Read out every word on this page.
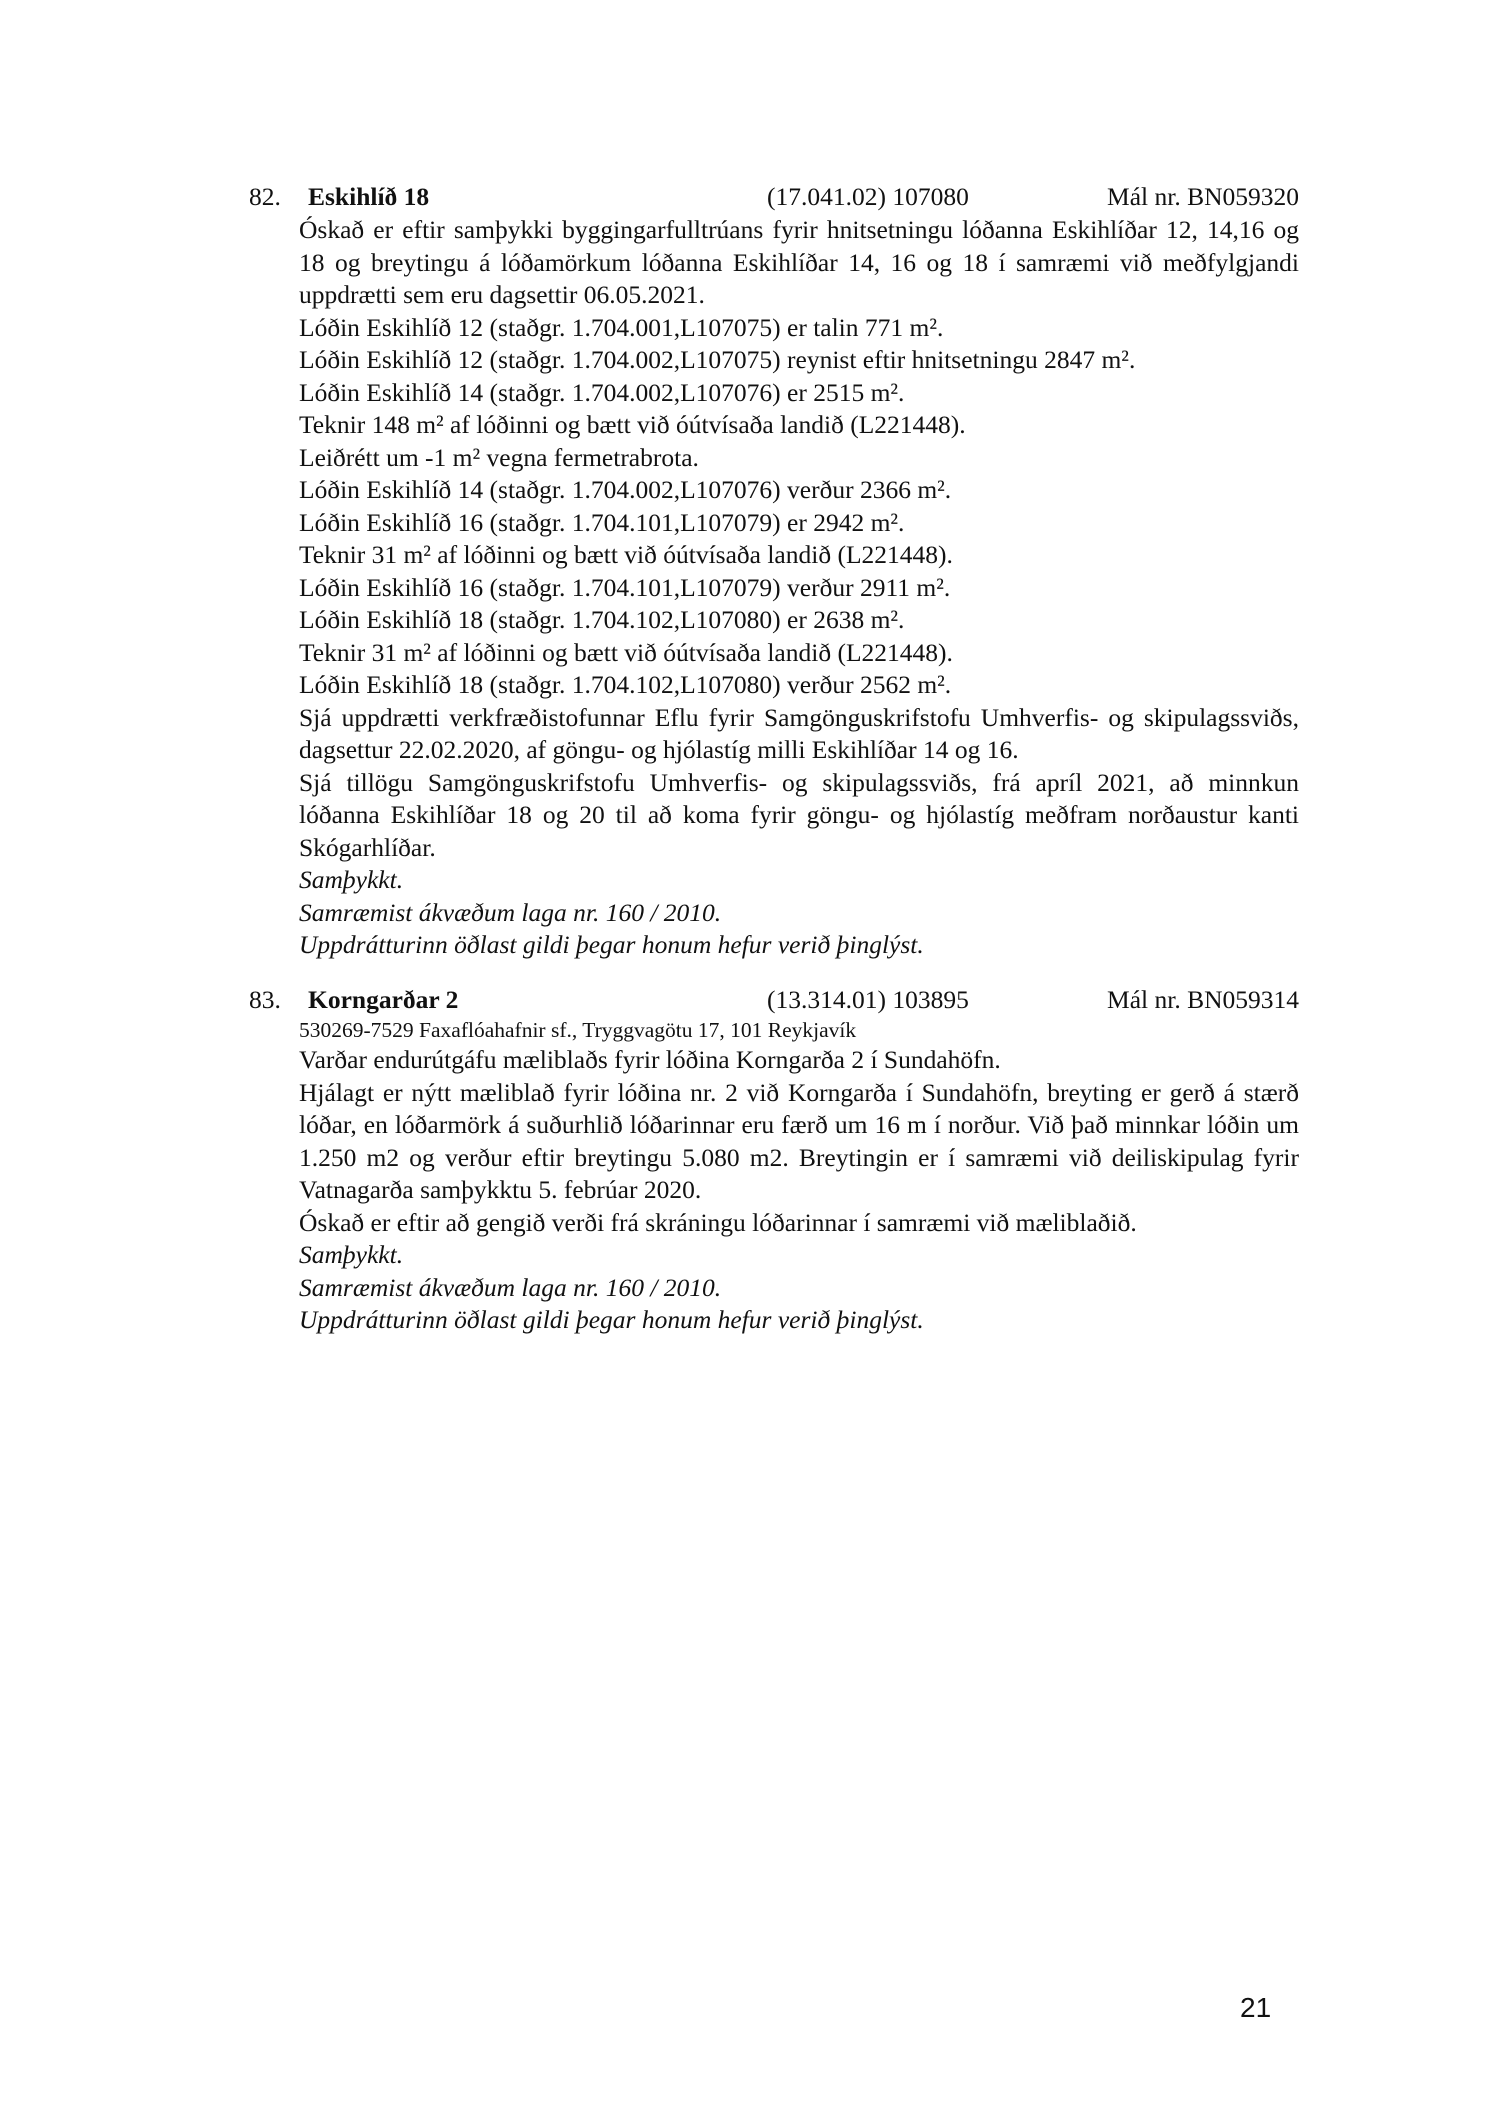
82. Eskihlíð 18	(17.041.02) 107080	Mál nr. BN059320

Óskað er eftir samþykki byggingarfulltrúans fyrir hnitsetningu lóðanna Eskihlíðar 12, 14,16 og 18 og breytingu á lóðamörkum lóðanna Eskihlíðar 14, 16 og 18 í samræmi við meðfylgjandi uppdrætti sem eru dagsettir 06.05.2021.

Lóðin Eskihlíð 12 (staðgr. 1.704.001,L107075) er talin 771 m².

Lóðin Eskihlíð 12 (staðgr. 1.704.002,L107075) reynist eftir hnitsetningu 2847 m².

Lóðin Eskihlíð 14 (staðgr. 1.704.002,L107076) er 2515 m².

Teknir 148 m² af lóðinni og bætt við óútvísaða landið (L221448).

Leiðrétt um -1 m² vegna fermetrabrota.

Lóðin Eskihlíð 14 (staðgr. 1.704.002,L107076) verður 2366 m².

Lóðin Eskihlíð 16 (staðgr. 1.704.101,L107079) er 2942 m².

Teknir 31 m² af lóðinni og bætt við óútvísaða landið (L221448).

Lóðin Eskihlíð 16 (staðgr. 1.704.101,L107079) verður 2911 m².

Lóðin Eskihlíð 18 (staðgr. 1.704.102,L107080) er 2638 m².

Teknir 31 m² af lóðinni og bætt við óútvísaða landið (L221448).

Lóðin Eskihlíð 18 (staðgr. 1.704.102,L107080) verður 2562 m².

Sjá uppdrætti verkfræðistofunnar Eflu fyrir Samgönguskrifstofu Umhverfis- og skipulagssviðs, dagsettur 22.02.2020, af göngu- og hjólastíg milli Eskihlíðar 14 og 16.

Sjá tillögu Samgönguskrifstofu Umhverfis- og skipulagssviðs, frá apríl 2021, að minnkun lóðanna Eskihlíðar 18 og 20 til að koma fyrir göngu- og hjólastíg meðfram norðaustur kanti Skógarhlíðar.

Samþykkt.

Samræmist ákvæðum laga nr. 160 / 2010.

Uppdrátturinn öðlast gildi þegar honum hefur verið þinglýst.

83. Korngarðar 2	(13.314.01) 103895	Mál nr. BN059314

530269-7529 Faxaflóahafnir sf., Tryggvagötu 17, 101 Reykjavík

Varðar endurútgáfu mæliblaðs fyrir lóðina Korngarða 2 í Sundahöfn.

Hjálagt er nýtt mæliblað fyrir lóðina nr. 2 við Korngarða í Sundahöfn, breyting er gerð á stærð lóðar, en lóðarmörk á suðurhlið lóðarinnar eru færð um 16 m í norður. Við það minnkar lóðin um 1.250 m2 og verður eftir breytingu 5.080 m2. Breytingin er í samræmi við deiliskipulag fyrir Vatnagarða samþykktu 5. febrúar 2020.

Óskað er eftir að gengið verði frá skráningu lóðarinnar í samræmi við mæliblaðið.

Samþykkt.

Samræmist ákvæðum laga nr. 160 / 2010.

Uppdrátturinn öðlast gildi þegar honum hefur verið þinglýst.

21
